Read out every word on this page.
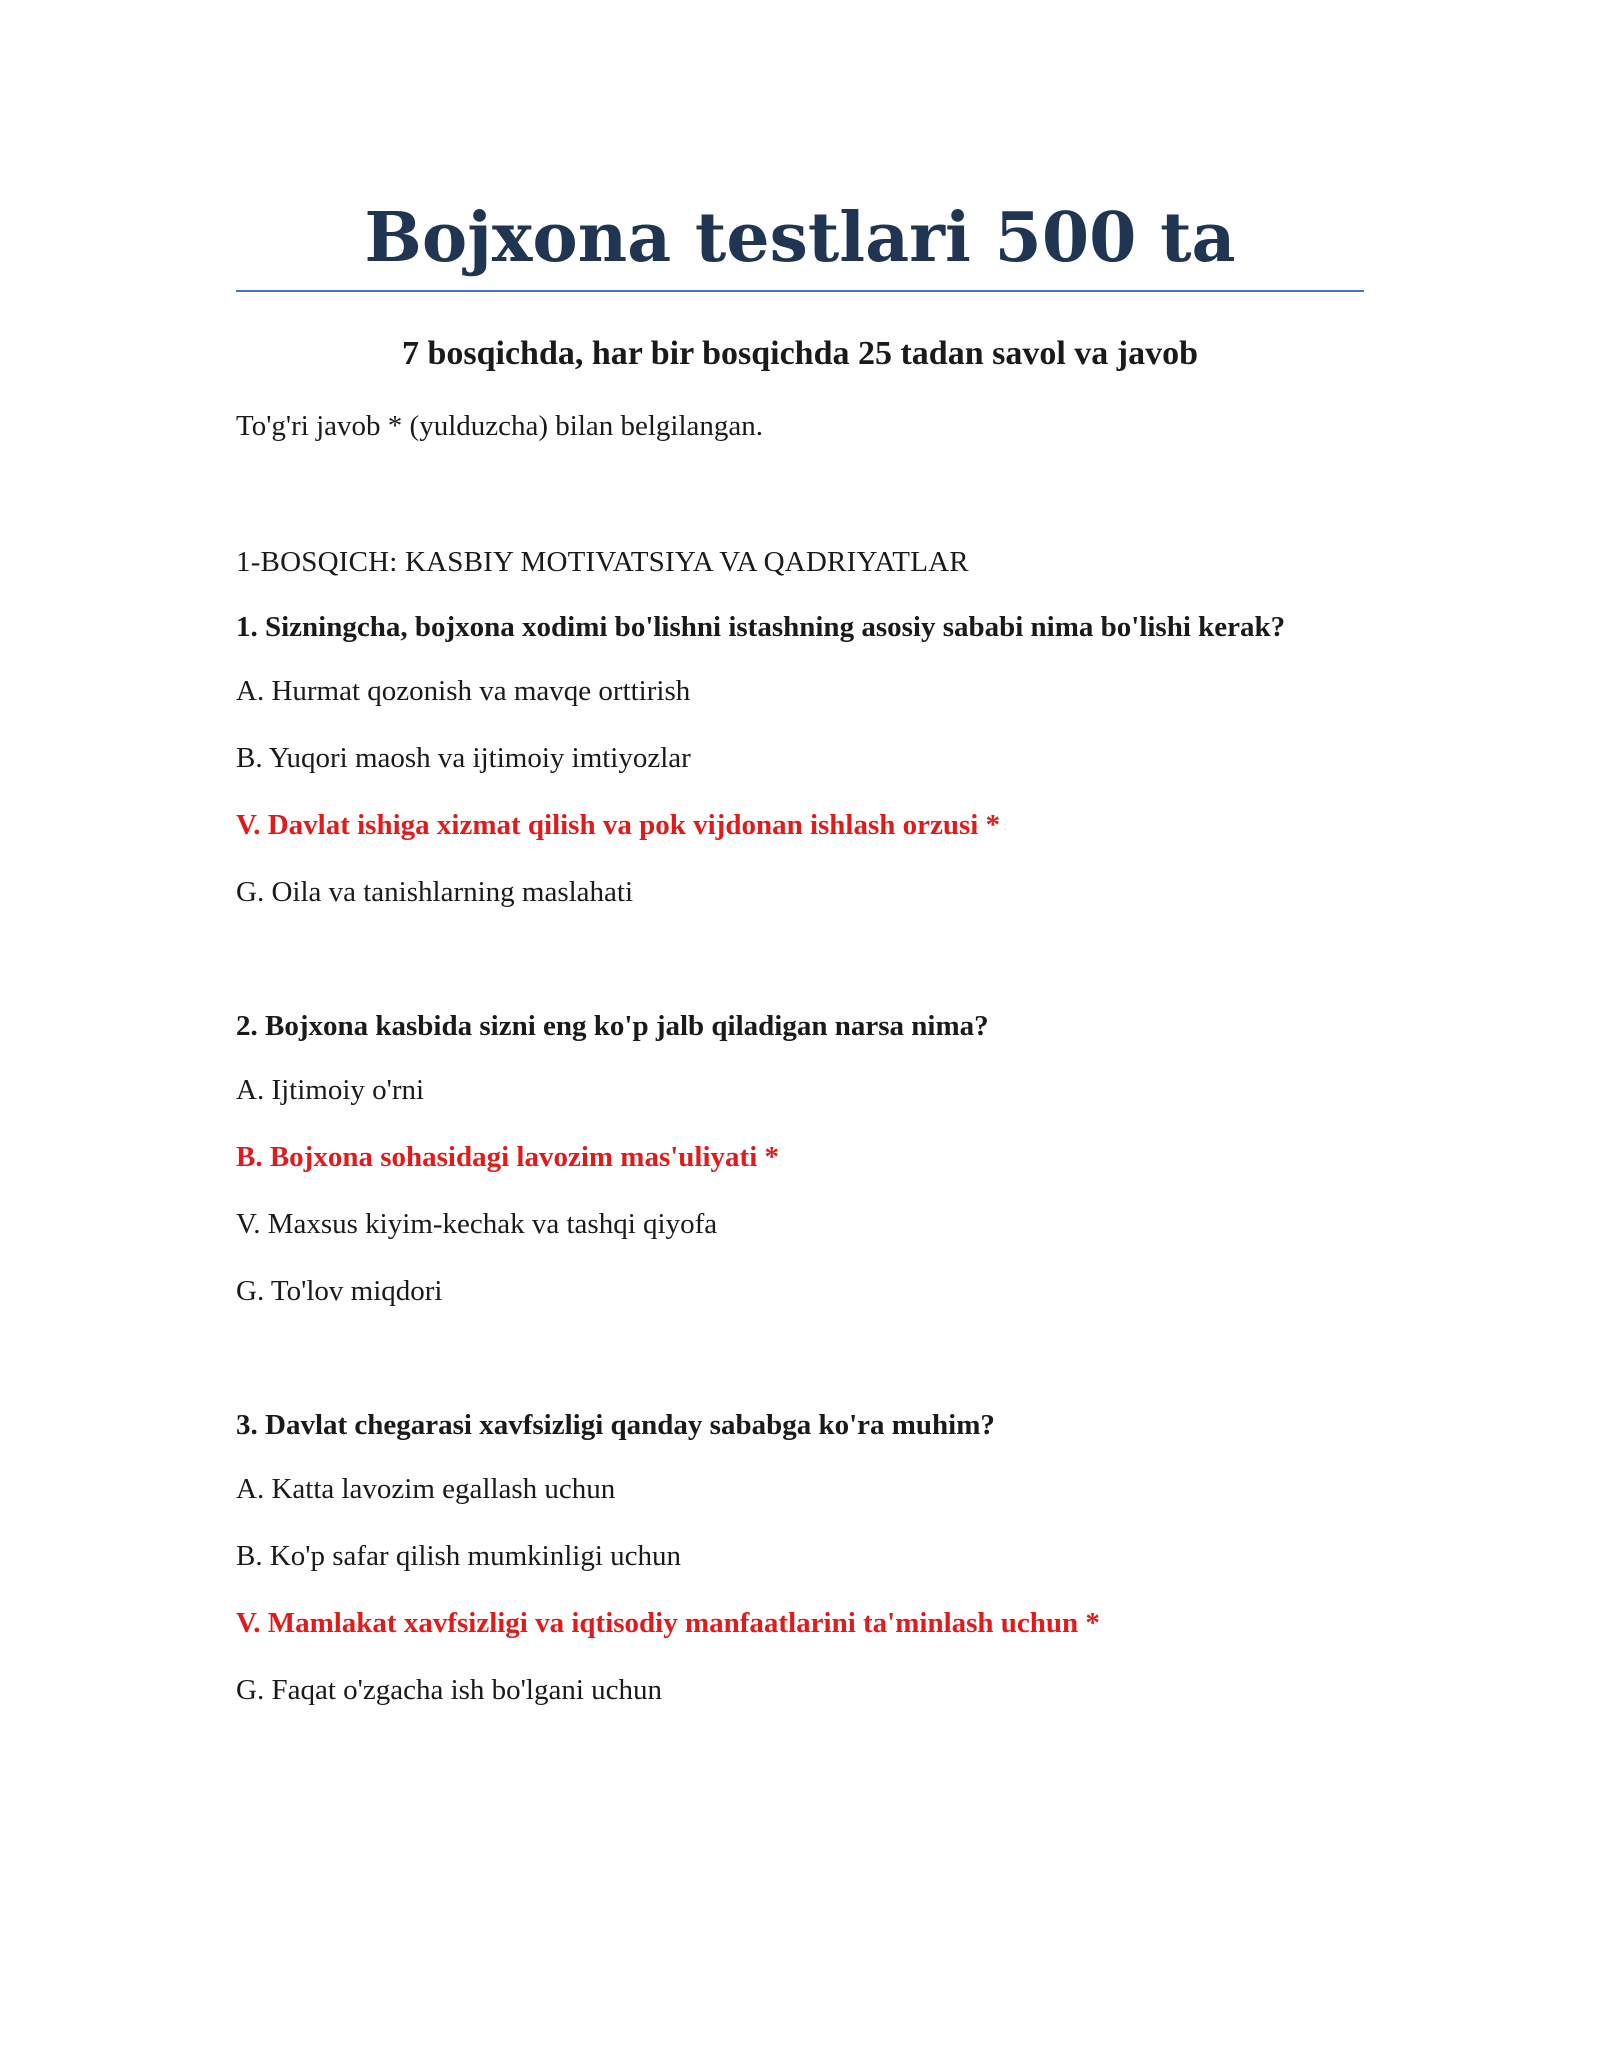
Bojxona testlari 500 ta
7 bosqichda, har bir bosqichda 25 tadan savol va javob

To'g'ri javob * (yulduzcha) bilan belgilangan.

1-BOSQICH: KASBIY MOTIVATSIYA VA QADRIYATLAR

1. Sizningcha, bojxona xodimi bo'lishni istashning asosiy sababi nima bo'lishi kerak?

A. Hurmat qozonish va mavqe orttirish

B. Yuqori maosh va ijtimoiy imtiyozlar

V. Davlat ishiga xizmat qilish va pok vijdonan ishlash orzusi *

G. Oila va tanishlarning maslahati

2. Bojxona kasbida sizni eng ko'p jalb qiladigan narsa nima?

A. Ijtimoiy o'rni

B. Bojxona sohasidagi lavozim mas'uliyati *

V. Maxsus kiyim-kechak va tashqi qiyofa

G. To'lov miqdori

3. Davlat chegarasi xavfsizligi qanday sababga ko'ra muhim?

A. Katta lavozim egallash uchun

B. Ko'p safar qilish mumkinligi uchun

V. Mamlakat xavfsizligi va iqtisodiy manfaatlarini ta'minlash uchun *

G. Faqat o'zgacha ish bo'lgani uchun
